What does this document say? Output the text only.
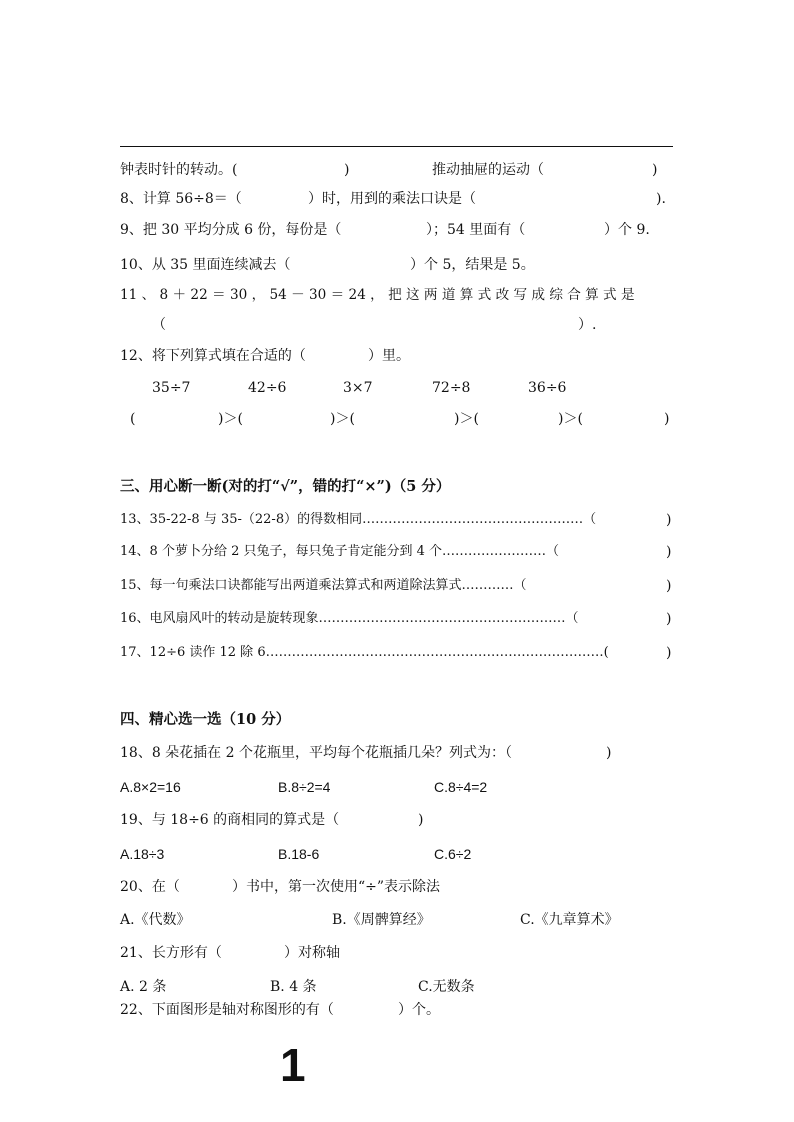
钟表时针的转动。(	)	推动抽屉的运动（	)
8、计算 56÷8＝（	）时，用到的乘法口诀是（	).
9、把 30 平均分成 6 份，每份是（	）；54 里面有（	）个 9.
10、从 35 里面连续减去（	）个 5，结果是 5。
11 、 8 ＋ 22 ＝ 30 ， 54 － 30 ＝ 24 ， 把 这 两 道 算 式 改 写 成 综 合 算 式 是
（	）.
12、将下列算式填在合适的（	）里。
35÷7	42÷6	3×7	72÷8	36÷6
(	)＞(	)＞(	)＞(	)＞(	)
三、用心断一断(对的打“√”，错的打“×”)（5 分）
13、35-22-8 与 35-（22-8）的得数相同……………………………………………（	)
14、8 个萝卜分给 2 只兔子，每只兔子肯定能分到 4 个……………………（	)
15、每一句乘法口诀都能写出两道乘法算式和两道除法算式…………（	)
16、电风扇风叶的转动是旋转现象…………………………………………………（	)
17、12÷6 读作 12 除 6……………………………………………………………………(	)
四、精心选一选（10 分）
18、8 朵花插在 2 个花瓶里，平均每个花瓶插几朵？列式为：（	)
A.8×2=16	B.8÷2=4	C.8÷4=2
19、与 18÷6 的商相同的算式是（	)
A.18÷3	B.18-6	C.6÷2
20、在（	）书中，第一次使用“÷”表示除法
A.《代数》	B.《周髀算经》	C.《九章算术》
21、长方形有（	）对称轴
A. 2 条	B. 4 条	C.无数条
22、下面图形是轴对称图形的有（	）个。
1
